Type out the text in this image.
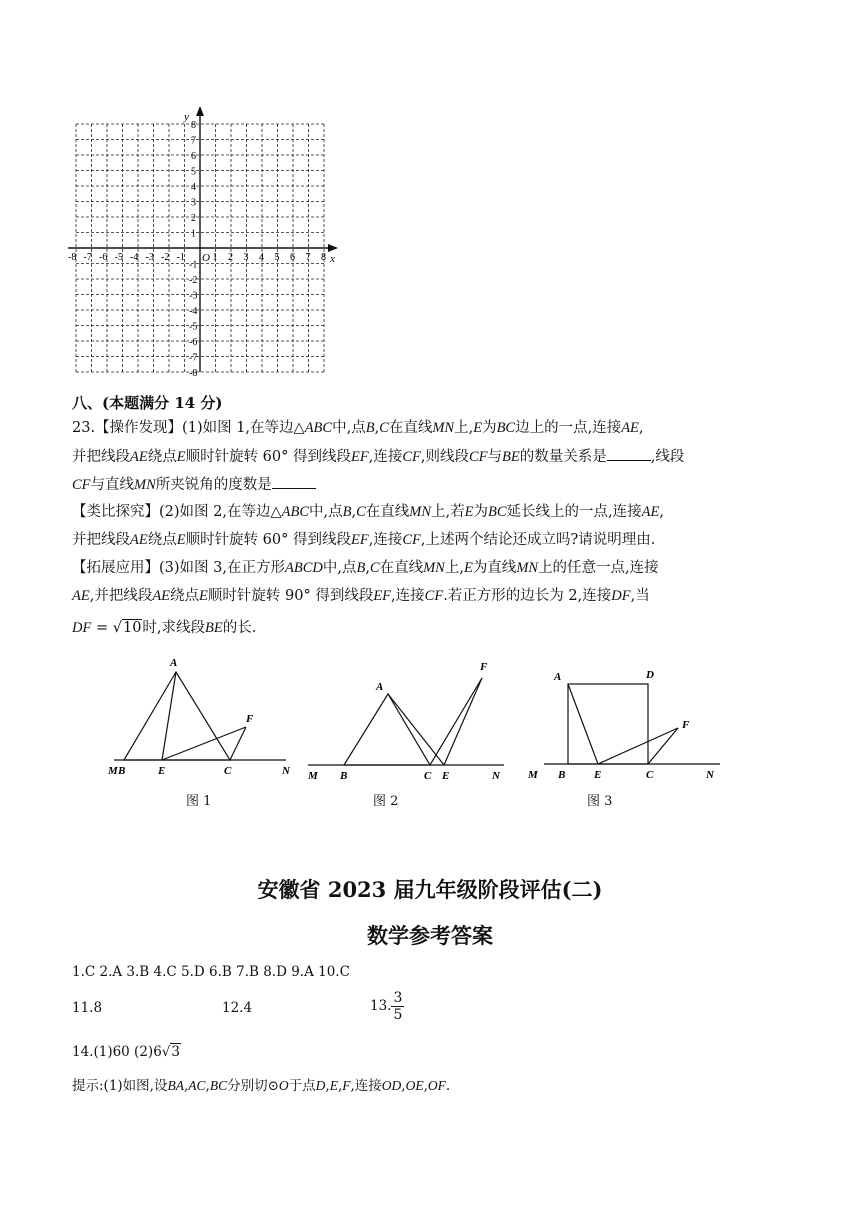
x
y
O
-8 -7 -6 -5 -4 -3 -2 -1	1 2 3 4 5 6 7 8
8
7
6
5
4
3
2
1
-1
-2
-3
-4
-5
-6
-7
-8
八、(本题满分 14 分)
23.【操作发现】(1)如图 1,在等边△ABC中,点B,C在直线MN上,E为BC边上的一点,连接AE,
并把线段AE绕点E顺时针旋转 60° 得到线段EF,连接CF,则线段CF与BE的数量关系是	,线段
CF与直线MN所夹锐角的度数是
【类比探究】(2)如图 2,在等边△ABC中,点B,C在直线MN上,若E为BC延长线上的一点,连接AE,
并把线段AE绕点E顺时针旋转 60° 得到线段EF,连接CF,上述两个结论还成立吗?请说明理由.
【拓展应用】(3)如图 3,在正方形ABCD中,点B,C在直线MN上,E为直线MN上的任意一点,连接
AE,并把线段AE绕点E顺时针旋转 90° 得到线段EF,连接CF.若正方形的边长为 2,连接DF,当
DF = √10时,求线段BE的长.
A
F
M B	E	C	N
图 1
A
F
M B	C E	N
图 2
A	D
F
M B	E	C	N
图 3
安徽省 2023 届九年级阶段评估(二)
数学参考答案
1.C 2.A 3.B 4.C 5.D 6.B 7.B 8.D 9.A 10.C
11.8	12.4	13. $\frac{3}{5}$
14.(1)60 (2)6√3
提示:(1)如图,设BA,AC,BC分别切⊙O于点D,E,F,连接OD,OE,OF.
